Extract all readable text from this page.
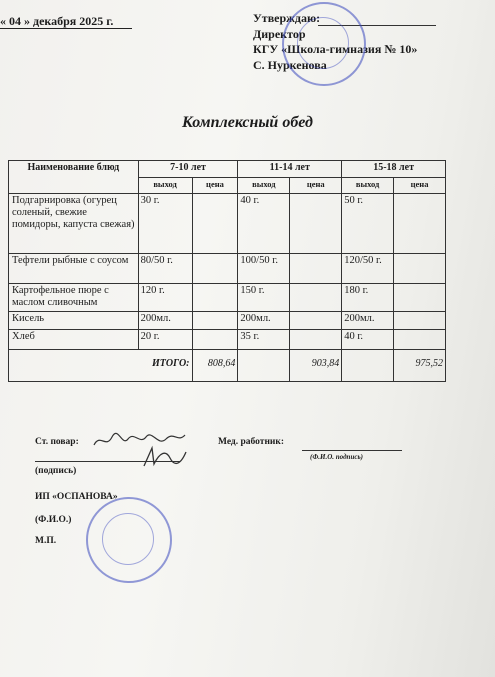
« 04 » декабря 2025 г.	Утверждаю:
Директор
КГУ «Школа-гимназия № 10»
С. Нуркенова
Комплексный обед
Наименование блюд	7-10 лет		11-14 лет		15-18 лет	
	выход	цена	выход	цена	выход	цена
Подгарнировка (огурец соленый, свежие помидоры, капуста свежая)	30 г.		40 г.		50 г.	
Тефтели рыбные с соусом	80/50 г.		100/50 г.		120/50 г.	
Картофельное пюре с маслом сливочным	120 г.		150 г.		180 г.	
Кисель	200мл.		200мл.		200мл.	
Хлеб	20 г.		35 г.		40 г.	
ИТОГО:		808,64		903,84		975,52
Ст. повар:
(подпись)
Мед. работник:
(Ф.И.О. подпись)
ИП «ОСПАНОВА»
(Ф.И.О.)
М.П.
